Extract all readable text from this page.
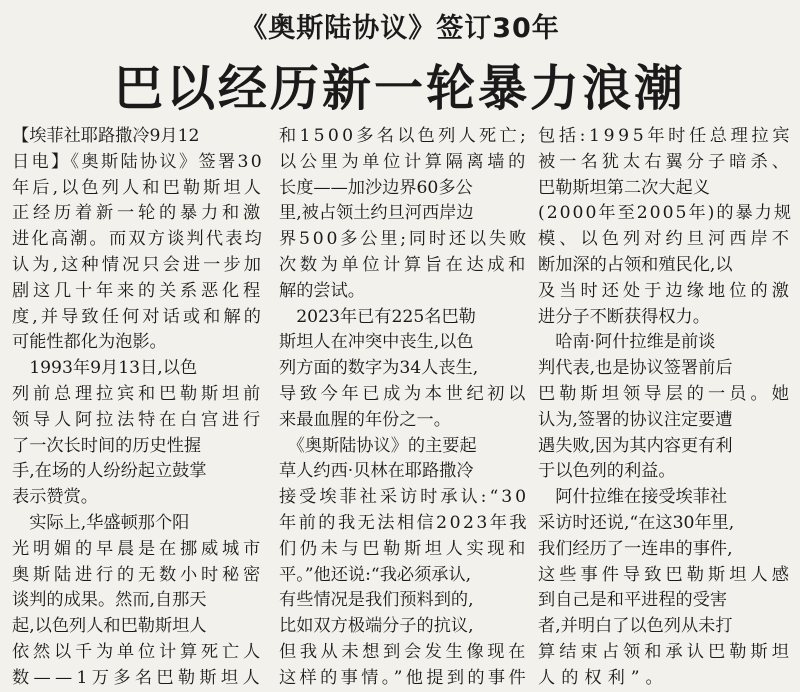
《奥斯陆协议》签订30年
巴以经历新一轮暴力浪潮
【埃菲社耶路撒冷9月12
日电】《奥斯陆协议》签署30
年后,以色列人和巴勒斯坦人
正经历着新一轮的暴力和激
进化高潮。而双方谈判代表均
认为,这种情况只会进一步加
剧这几十年来的关系恶化程
度,并导致任何对话或和解的
可能性都化为泡影。
　1993年9月13日,以色
列前总理拉宾和巴勒斯坦前
领导人阿拉法特在白宫进行
了一次长时间的历史性握
手,在场的人纷纷起立鼓掌
表示赞赏。
　实际上,华盛顿那个阳
光明媚的早晨是在挪威城市
奥斯陆进行的无数小时秘密
谈判的成果。然而,自那天
起,以色列人和巴勒斯坦人
依然以千为单位计算死亡人
数——1万多名巴勒斯坦人
和1500多名以色列人死亡;
以公里为单位计算隔离墙的
长度——加沙边界60多公
里,被占领土约旦河西岸边
界500多公里;同时还以失败
次数为单位计算旨在达成和
解的尝试。
　2023年已有225名巴勒
斯坦人在冲突中丧生,以色
列方面的数字为34人丧生,
导致今年已成为本世纪初以
来最血腥的年份之一。
　《奥斯陆协议》的主要起
草人约西·贝林在耶路撒冷
接受埃菲社采访时承认:“30
年前的我无法相信2023年我
们仍未与巴勒斯坦人实现和
平。”他还说:“我必须承认,
有些情况是我们预料到的,
比如双方极端分子的抗议,
但我从未想到会发生像现在
这样的事情。”他提到的事件
包括:1995年时任总理拉宾
被一名犹太右翼分子暗杀、
巴勒斯坦第二次大起义
(2000年至2005年)的暴力规
模、以色列对约旦河西岸不
断加深的占领和殖民化,以
及当时还处于边缘地位的激
进分子不断获得权力。
　哈南·阿什拉维是前谈
判代表,也是协议签署前后
巴勒斯坦领导层的一员。她
认为,签署的协议注定要遭
遇失败,因为其内容更有利
于以色列的利益。
　阿什拉维在接受埃菲社
采访时还说,“在这30年里,
我们经历了一连串的事件,
这些事件导致巴勒斯坦人感
到自己是和平进程的受害
者,并明白了以色列从未打
算结束占领和承认巴勒斯坦
人的权利”。
